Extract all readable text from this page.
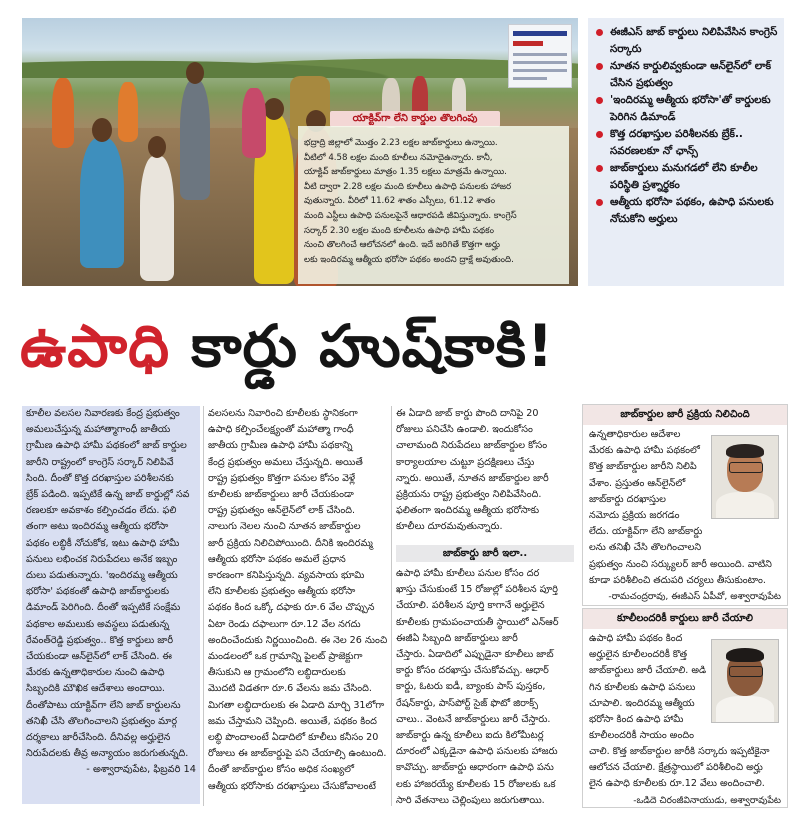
యాక్టివ్‌గా లేని కార్డుల తొలగింపు
భద్రాద్రి జిల్లాలో మొత్తం 2.23 లక్షల జాబ్‌కార్డులు ఉన్నాయి.
వీటిలో 4.58 లక్షల మంది కూలీలు నమోదైఉన్నారు. కానీ,
యాక్టివ్ జాబ్‌కార్డులు మాత్రం 1.35 లక్షలు మాత్రమే ఉన్నాయి.
వీటి ద్వారా 2.28 లక్షల మంది కూలీలు ఉపాధి పనులకు హాజర
వుతున్నారు. వీరిలో 11.62 శాతం ఎస్సీలు, 61.12 శాతం
మంది ఎస్టీలు ఉపాధి పనులపైనే ఆధారపడి జీవిస్తున్నారు. కాంగ్రెస్
సర్కార్ 2.30 లక్షల మంది కూలీలను ఉపాధి హామీ పథకం
నుంచి తొలగించే ఆలోచనలో ఉంది. ఇదే జరిగితే కొత్తగా అర్హు
లకు ఇందిరమ్మ ఆత్మీయ భరోసా పథకం అందని ద్రాక్షే అవుతుంది.
ఈజీఎస్ జాబ్ కార్డులు నిలిపివేసిన కాంగ్రెస్ సర్కారు
నూతన కార్డులివ్వకుండా ఆన్‌లైన్‌లో లాక్ చేసిన ప్రభుత్వం
'ఇందిరమ్మ ఆత్మీయ భరోసా'తో కార్డులకు పెరిగిన డిమాండ్
కొత్త దరఖాస్తుల పరిశీలనకు బ్రేక్.. సవరణలకూ నో ఛాన్స్
జాబ్‌కార్డులు మనుగడలో లేని కూలీల పరిస్థితి ప్రశ్నార్థకం
ఆత్మీయ భరోసా పథకం, ఉపాధి పనులకు నోచుకోని అర్హులు
ఉపాధి కార్డు హుష్‌కాకి!
కూలీల వలసల నివారణకు కేంద్ర ప్రభుత్వం
అమలుచేస్తున్న మహాత్మాగాంధీ జాతీయ
గ్రామీణ ఉపాధి హామీ పథకంలో జాబ్ కార్డుల
జారీని రాష్ట్రంలో కాంగ్రెస్ సర్కార్ నిలిపివే
సింది. దీంతో కొత్త దరఖాస్తుల పరిశీలనకు
బ్రేక్ పడింది. ఇప్పటికే ఉన్న జాబ్ కార్డుల్లో సవ
రణలకూ అవకాశం కల్పించడం లేదు. ఫలి
తంగా అటు ఇందిరమ్మ ఆత్మీయ భరోసా
పథకం లబ్ధికీ నోచుకోక, ఇటు ఉపాధి హామీ
పనులు లభించక నిరుపేదలు అనేక ఇబ్బం
దులు పడుతున్నారు. 'ఇందిరమ్మ ఆత్మీయ
భరోసా' పథకంతో ఉపాధి జాబ్‌కార్డులకు
డిమాండ్ పెరిగింది. దీంతో ఇప్పటికే సంక్షేమ
పథకాల అమలుకు అవస్థలు పడుతున్న
రేవంత్‌రెడ్డి ప్రభుత్వం.. కొత్త కార్డులు జారీ
చేయకుండా ఆన్‌లైన్‌లో లాక్ చేసింది. ఈ
మేరకు ఉన్నతాధికారుల నుంచి ఉపాధి
సిబ్బందికి మౌఖిక ఆదేశాలు అందాయి.
దీంతోపాటు యాక్టివ్‌గా లేని జాబ్ కార్డులను
తనిఖీ చేసి తొలగించాలని ప్రభుత్వం మార్గ
దర్శకాలు జారీచేసింది. దీనివల్ల అర్హులైన
నిరుపేదలకు తీవ్ర అన్యాయం జరుగుతున్నది.
- అశ్వారావుపేట, ఫిబ్రవరి 14
వలసలను నివారించి కూలీలకు స్థానికంగా
ఉపాధి కల్పించేలక్ష్యంతో మహాత్మా గాంధీ
జాతీయ గ్రామీణ ఉపాధి హామీ పథకాన్ని
కేంద్ర ప్రభుత్వం అమలు చేస్తున్నది. అయితే
రాష్ట్ర ప్రభుత్వం కొత్తగా పనుల కోసం వెళ్లే
కూలీలకు జాబ్‌కార్డులు జారీ చేయకుండా
రాష్ట్ర ప్రభుత్వం ఆన్‌లైన్‌లో లాక్ చేసింది.
నాలుగు నెలల నుంచి నూతన జాబ్‌కార్డుల
జారీ ప్రక్రియ నిలిచిపోయింది. దీనికి ఇందిరమ్మ
ఆత్మీయ భరోసా పథకం అమలే ప్రధాన
కారణంగా కనిపిస్తున్నది. వ్యవసాయ భూమి
లేని కూలీలకు ప్రభుత్వం ఆత్మీయ భరోసా
పథకం కింద ఒక్కో దఫాకు రూ.6 వేల చొప్పున
ఏటా రెండు దఫాలుగా రూ.12 వేల నగదు
అందించేందుకు నిర్ణయించింది. ఈ నెల 26 నుంచి
మండలంలో ఒక గ్రామాన్ని పైలట్ ప్రాజెక్టుగా
తీసుకుని ఆ గ్రామంలోని లబ్ధిదారులకు
మొదటి విడతగా రూ.6 వేలను జమ చేసింది.
మిగతా లబ్ధిదారులకు ఈ ఏడాది మార్చి 31లోగా
జమ చేస్తామని చెప్పింది. అయితే, పథకం కింద
లబ్ధి పొందాలంటే ఏడాదిలో కూలీలు కనీసం 20
రోజులు ఈ జాబ్‌కార్డుపై పని చేయాల్సి ఉంటుంది.
దీంతో జాబ్‌కార్డుల కోసం అధిక సంఖ్యలో
ఆత్మీయ భరోసాకు దరఖాస్తులు చేసుకోవాలంటే
ఈ ఏడాది జాబ్ కార్డు పొంది దానిపై 20
రోజులు పనిచేసి ఉండాలి. ఇందుకోసం
చాలామంది నిరుపేదలు జాబ్‌కార్డుల కోసం
కార్యాలయాల చుట్టూ ప్రదక్షిణలు చేస్తు
న్నారు. అయితే, నూతన జాబ్‌కార్డుల జారీ
ప్రక్రియను రాష్ట్ర ప్రభుత్వం నిలిపివేసింది.
ఫలితంగా ఇందిరమ్మ ఆత్మీయ భరోసాకు
కూలీలు దూరమవుతున్నారు.
జాబ్‌కార్డు జారీ ఇలా..
ఉపాధి హామీ కూలీలు పనుల కోసం దర
ఖాస్తు చేసుకుంటే 15 రోజుల్లో పరిశీలన పూర్తి
చేయాలి. పరిశీలన పూర్తి కాగానే అర్హులైన
కూలీలకు గ్రామపంచాయతీ స్థాయిలో ఎన్‌ఆర్
ఈజీఏ సిబ్బంది జాబ్‌కార్డులు జారీ
చేస్తారు. ఏడాదిలో ఎప్పుడైనా కూలీలు జాబ్
కార్డు కోసం దరఖాస్తు చేసుకోవచ్చు. ఆధార్
కార్డు, ఓటరు ఐడీ, బ్యాంకు పాస్ పుస్తకం,
రేషన్‌కార్డు, పాస్‌పోర్ట్ సైజ్ ఫొటో జిరాక్స్
చాలు.. వెంటనే జాబ్‌కార్డులు జారీ చేస్తారు.
జాబ్‌కార్డు ఉన్న కూలీలు ఐదు కిలోమీటర్ల
దూరంలో ఎక్కడైనా ఉపాధి పనులకు హాజరు
కావొచ్చు. జాబ్‌కార్డు ఆధారంగా ఉపాధి పను
లకు హాజరయ్యే కూలీలకు 15 రోజులకు ఒక
సారి వేతనాలు చెల్లింపులు జరుగుతాయి.
జాబ్‌కార్డుల జారీ ప్రక్రియ నిలిచింది
ఉన్నతాధికారుల ఆదేశాల
మేరకు ఉపాధి హామీ పథకంలో
కొత్త జాబ్‌కార్డుల జారీని నిలిపి
వేశాం. ప్రస్తుతం ఆన్‌లైన్‌లో
జాబ్‌కార్డు దరఖాస్తుల
నమోదు ప్రక్రియ జరగడం
లేదు. యాక్టివ్‌గా లేని జాబ్‌కార్డు
లను తనిఖీ చేసి తొలగించాలని
ప్రభుత్వం నుంచి సర్క్యులర్ జారీ అయింది. వాటిని
కూడా పరిశీలించి తదుపరి చర్యలు తీసుకుంటాం.
-రామచంద్రరావు, ఈజీఎస్ ఏపీవో, అశ్వారావుపేట
కూలీలందరికీ కార్డులు జారీ చేయాలి
ఉపాధి హామీ పథకం కింద
అర్హులైన కూలీలందరికీ కొత్త
జాబ్‌కార్డులు జారీ చేయాలి. అడి
గిన కూలీలకు ఉపాధి పనులు
చూపాలి. ఇందిరమ్మ ఆత్మీయ
భరోసా కింద ఉపాధి హామీ
కూలీలందరికీ సాయం అందిం
చాలి. కొత్త జాబ్‌కార్డుల జారీకి సర్కారు ఇప్పటికైనా
ఆలోచన చేయాలి. క్షేత్రస్థాయిలో పరిశీలించి అర్హు
లైన ఉపాధి కూలీలకు రూ.12 వేలు అందించాలి.
-ఒడిదె చిరంజీవినాయుడు, అశ్వారావుపేట
